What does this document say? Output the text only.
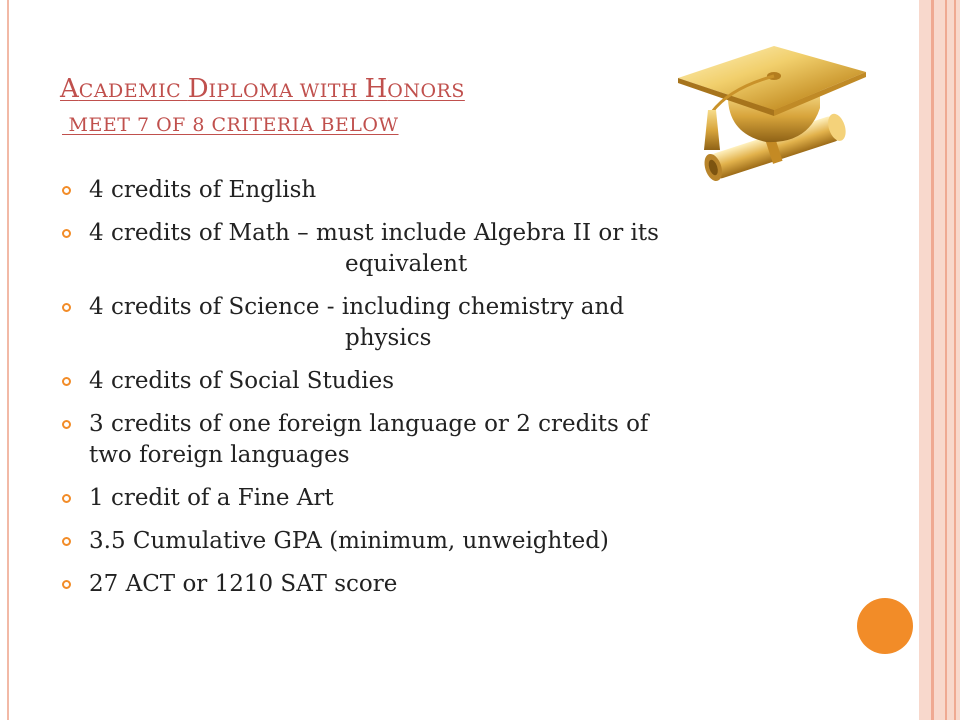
ACADEMIC DIPLOMA WITH HONORS
MEET 7 OF 8 CRITERIA BELOW
4 credits of English
4 credits of Math – must include Algebra II or its
equivalent
4 credits of Science - including chemistry and
physics
4 credits of Social Studies
3 credits of one foreign language or 2 credits of
two foreign languages
1 credit of a Fine Art
3.5 Cumulative GPA (minimum, unweighted)
27 ACT or 1210 SAT score
